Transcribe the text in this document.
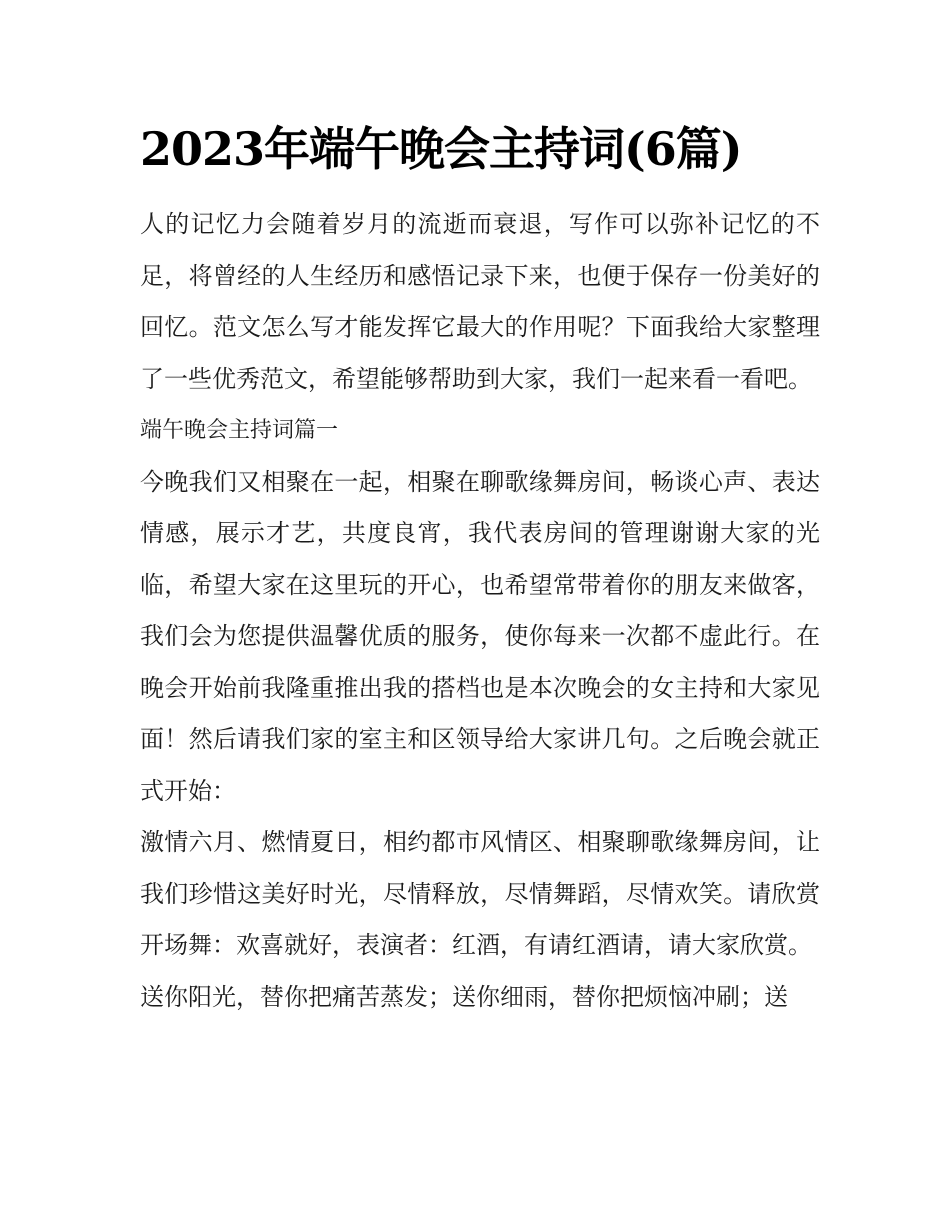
2023年端午晚会主持词(6篇)

人的记忆力会随着岁月的流逝而衰退，写作可以弥补记忆的不足，将曾经的人生经历和感悟记录下来，也便于保存一份美好的回忆。范文怎么写才能发挥它最大的作用呢？下面我给大家整理了一些优秀范文，希望能够帮助到大家，我们一起来看一看吧。

端午晚会主持词篇一

今晚我们又相聚在一起，相聚在聊歌缘舞房间，畅谈心声、表达情感，展示才艺，共度良宵，我代表房间的管理谢谢大家的光临，希望大家在这里玩的开心，也希望常带着你的朋友来做客，我们会为您提供温馨优质的服务，使你每来一次都不虚此行。在晚会开始前我隆重推出我的搭档也是本次晚会的女主持和大家见面！然后请我们家的室主和区领导给大家讲几句。之后晚会就正式开始：

激情六月、燃情夏日，相约都市风情区、相聚聊歌缘舞房间，让我们珍惜这美好时光，尽情释放，尽情舞蹈，尽情欢笑。请欣赏开场舞：欢喜就好，表演者：红酒，有请红酒请，请大家欣赏。

送你阳光，替你把痛苦蒸发；送你细雨，替你把烦恼冲刷；送
